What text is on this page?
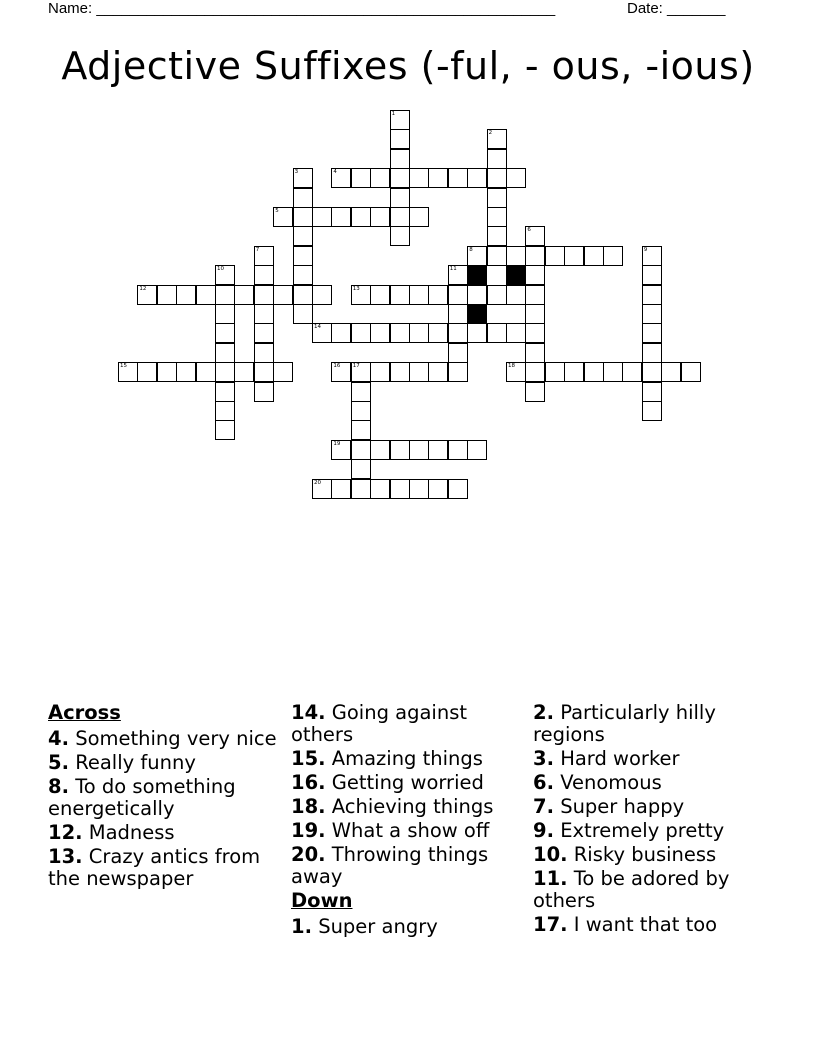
Name: _______________________________________________________	Date: _______
Adjective Suffixes (-ful, - ous, -ious)
1
2
3	4
5
6
7	8	9
10	11
12	13
14
15	16 17	18
19
20
Across
4. Something very nice
5. Really funny
8. To do something energetically
12. Madness
13. Crazy antics from the newspaper
14. Going against others
15. Amazing things
16. Getting worried
18. Achieving things
19. What a show off
20. Throwing things away
Down
1. Super angry
2. Particularly hilly regions
3. Hard worker
6. Venomous
7. Super happy
9. Extremely pretty
10. Risky business
11. To be adored by others
17. I want that too
